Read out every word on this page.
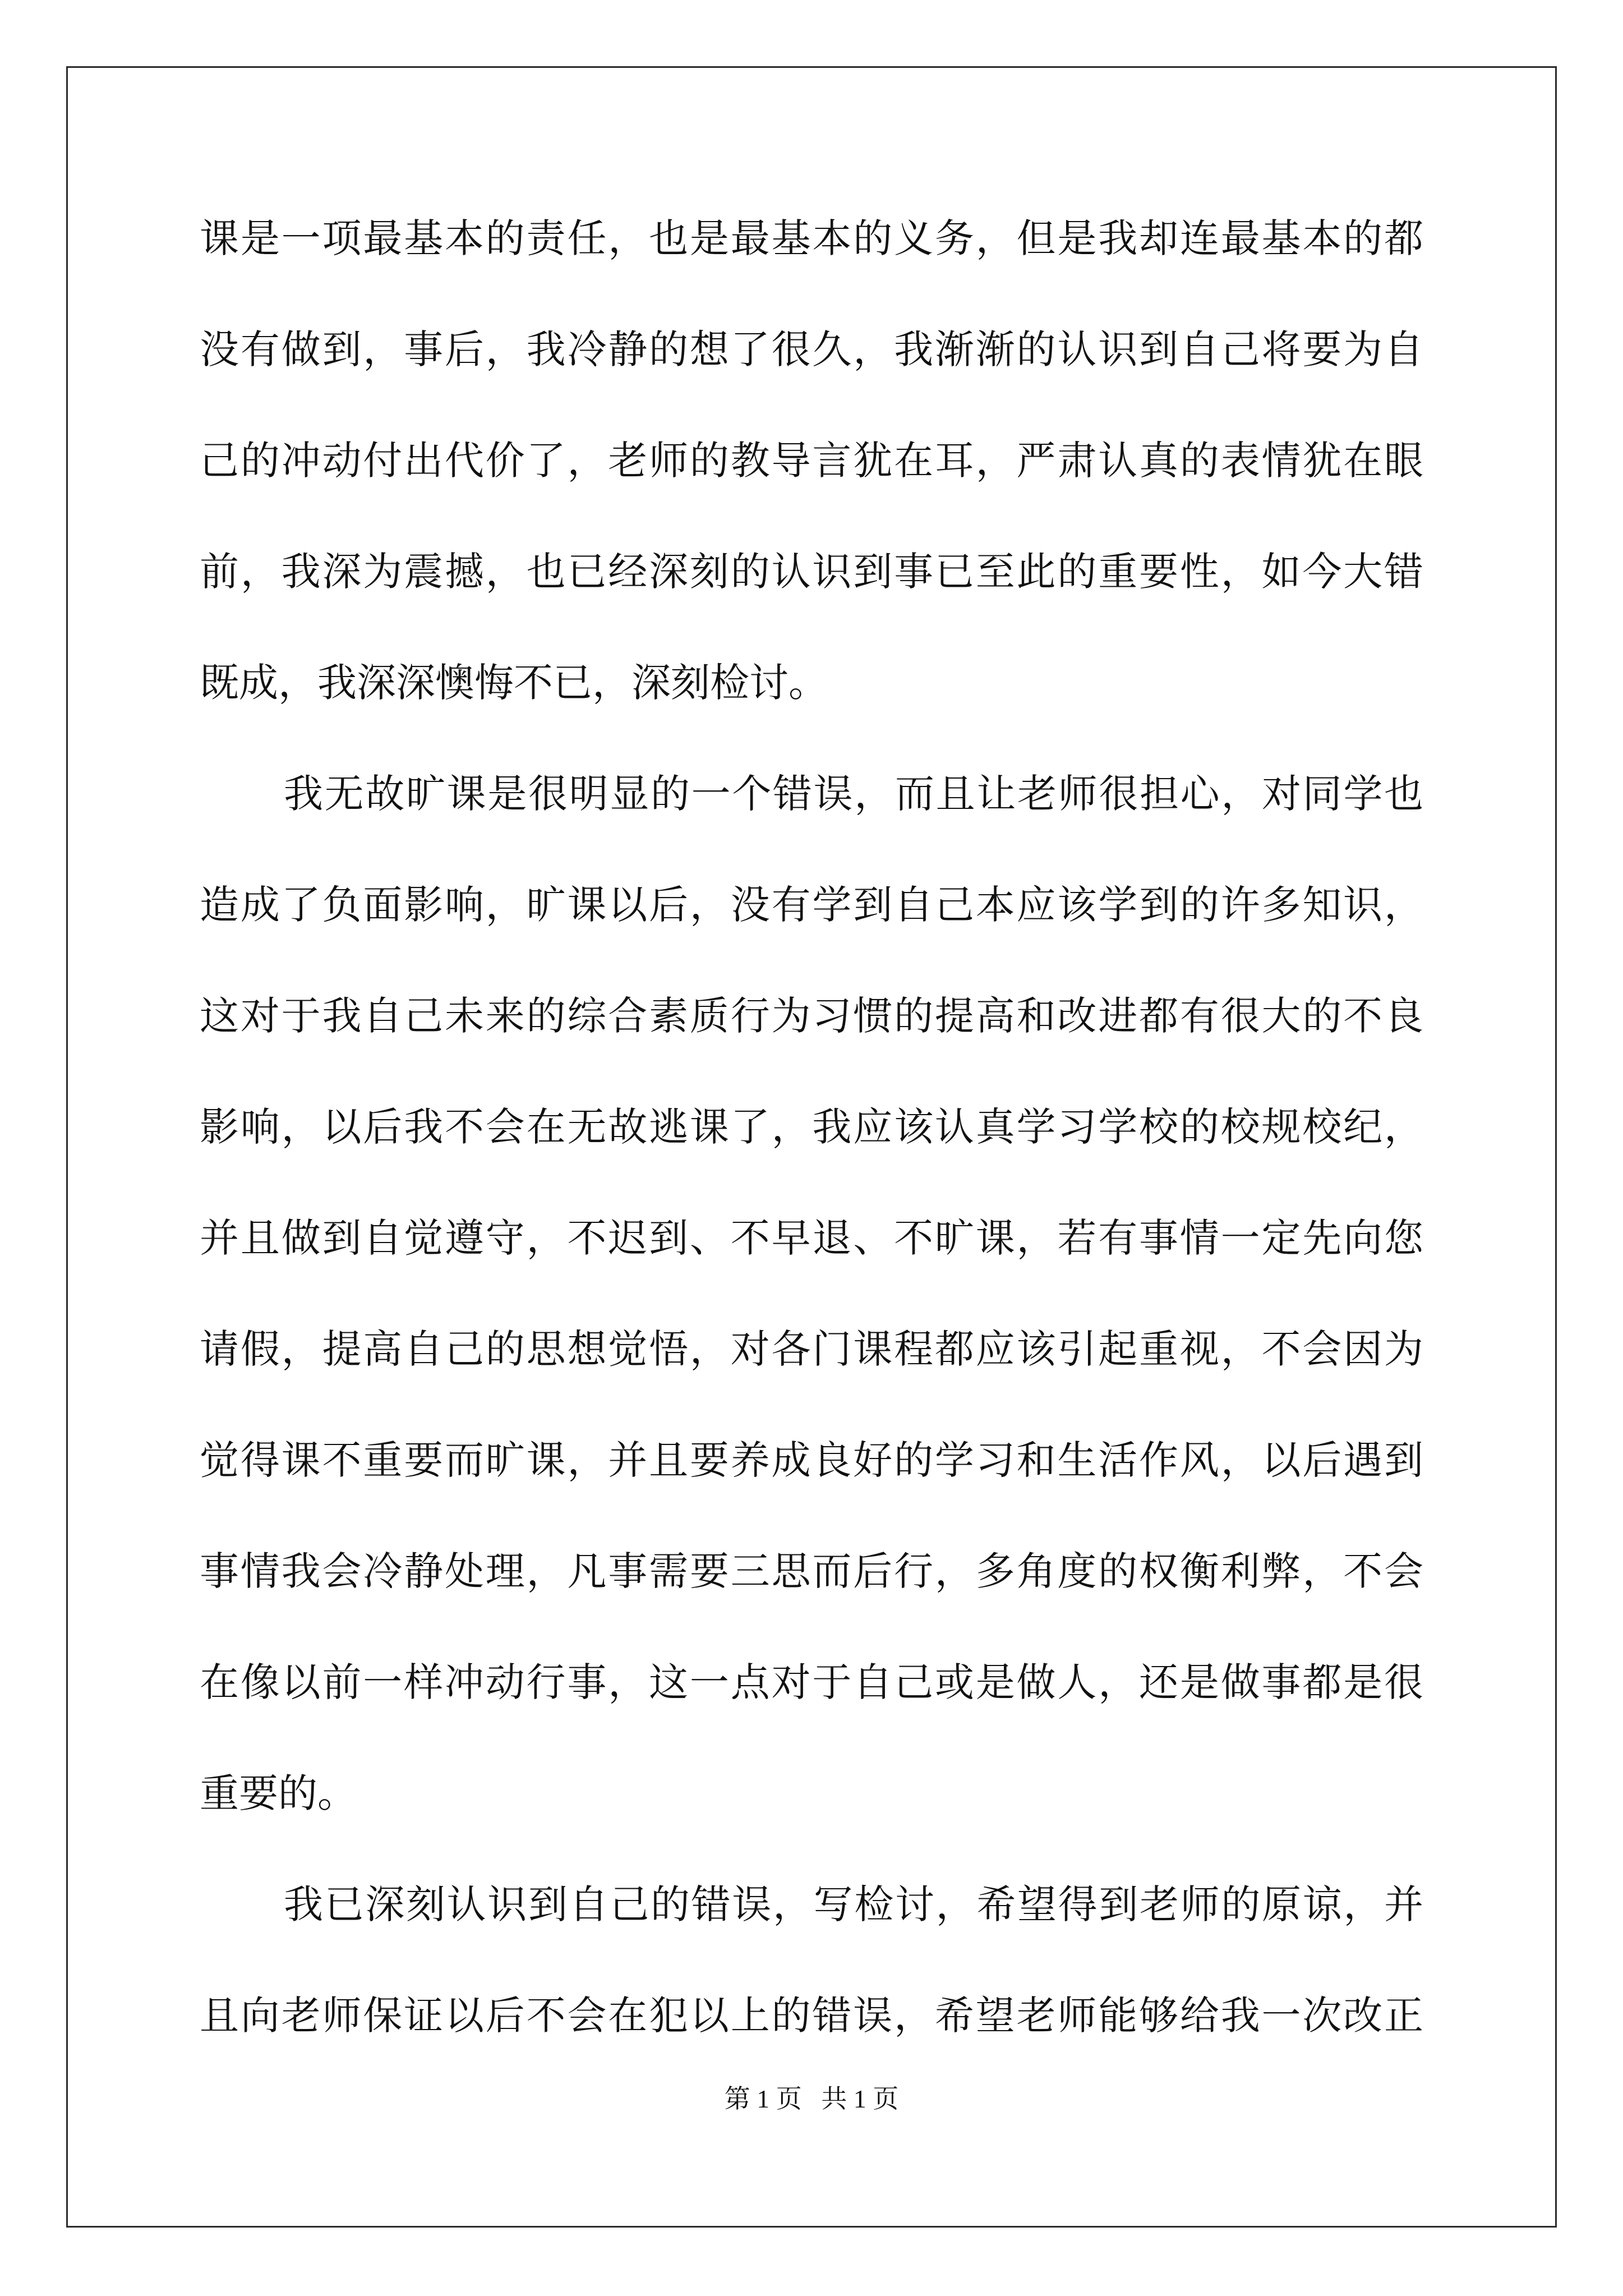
课是一项最基本的责任，也是最基本的义务，但是我却连最基本的都
没有做到，事后，我冷静的想了很久，我渐渐的认识到自己将要为自
己的冲动付出代价了，老师的教导言犹在耳，严肃认真的表情犹在眼
前，我深为震撼，也已经深刻的认识到事已至此的重要性，如今大错
既成，我深深懊悔不已，深刻检讨。
我无故旷课是很明显的一个错误，而且让老师很担心，对同学也
造成了负面影响，旷课以后，没有学到自己本应该学到的许多知识，
这对于我自己未来的综合素质行为习惯的提高和改进都有很大的不良
影响，以后我不会在无故逃课了，我应该认真学习学校的校规校纪，
并且做到自觉遵守，不迟到、不早退、不旷课，若有事情一定先向您
请假，提高自己的思想觉悟，对各门课程都应该引起重视，不会因为
觉得课不重要而旷课，并且要养成良好的学习和生活作风，以后遇到
事情我会冷静处理，凡事需要三思而后行，多角度的权衡利弊，不会
在像以前一样冲动行事，这一点对于自己或是做人，还是做事都是很
重要的。
我已深刻认识到自己的错误，写检讨，希望得到老师的原谅，并
且向老师保证以后不会在犯以上的错误，希望老师能够给我一次改正
第 1 页   共 1 页
